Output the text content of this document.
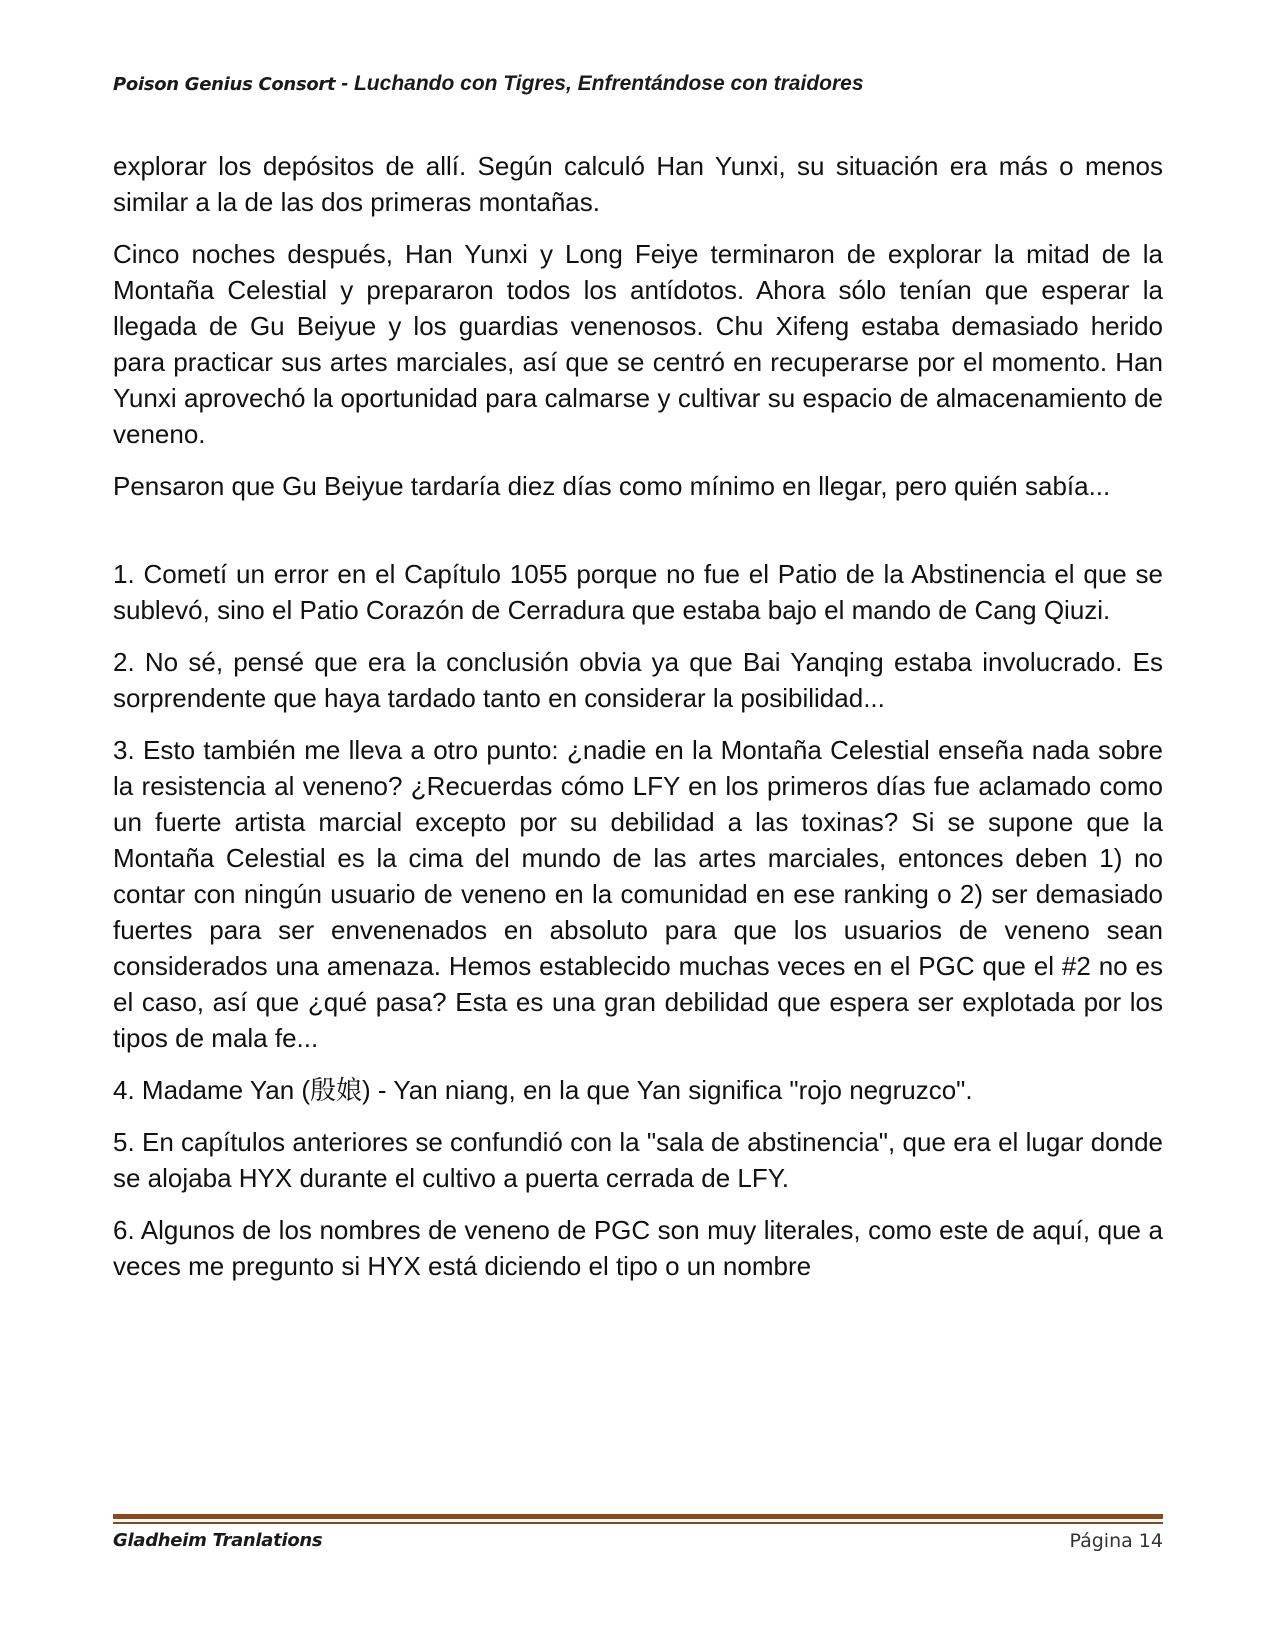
Poison Genius Consort - Luchando con Tigres, Enfrentándose con traidores

explorar los depósitos de allí. Según calculó Han Yunxi, su situación era más o menos similar a la de las dos primeras montañas.

Cinco noches después, Han Yunxi y Long Feiye terminaron de explorar la mitad de la Montaña Celestial y prepararon todos los antídotos. Ahora sólo tenían que esperar la llegada de Gu Beiyue y los guardias venenosos. Chu Xifeng estaba demasiado herido para practicar sus artes marciales, así que se centró en recuperarse por el momento. Han Yunxi aprovechó la oportunidad para calmarse y cultivar su espacio de almacenamiento de veneno.

Pensaron que Gu Beiyue tardaría diez días como mínimo en llegar, pero quién sabía...

1. Cometí un error en el Capítulo 1055 porque no fue el Patio de la Abstinencia el que se sublevó, sino el Patio Corazón de Cerradura que estaba bajo el mando de Cang Qiuzi.

2. No sé, pensé que era la conclusión obvia ya que Bai Yanqing estaba involucrado. Es sorprendente que haya tardado tanto en considerar la posibilidad...

3. Esto también me lleva a otro punto: ¿nadie en la Montaña Celestial enseña nada sobre la resistencia al veneno? ¿Recuerdas cómo LFY en los primeros días fue aclamado como un fuerte artista marcial excepto por su debilidad a las toxinas? Si se supone que la Montaña Celestial es la cima del mundo de las artes marciales, entonces deben 1) no contar con ningún usuario de veneno en la comunidad en ese ranking o 2) ser demasiado fuertes para ser envenenados en absoluto para que los usuarios de veneno sean considerados una amenaza. Hemos establecido muchas veces en el PGC que el #2 no es el caso, así que ¿qué pasa? Esta es una gran debilidad que espera ser explotada por los tipos de mala fe...

4. Madame Yan (殷娘) - Yan niang, en la que Yan significa "rojo negruzco".

5. En capítulos anteriores se confundió con la "sala de abstinencia", que era el lugar donde se alojaba HYX durante el cultivo a puerta cerrada de LFY.

6. Algunos de los nombres de veneno de PGC son muy literales, como este de aquí, que a veces me pregunto si HYX está diciendo el tipo o un nombre

Gladheim Tranlations	Página 14
